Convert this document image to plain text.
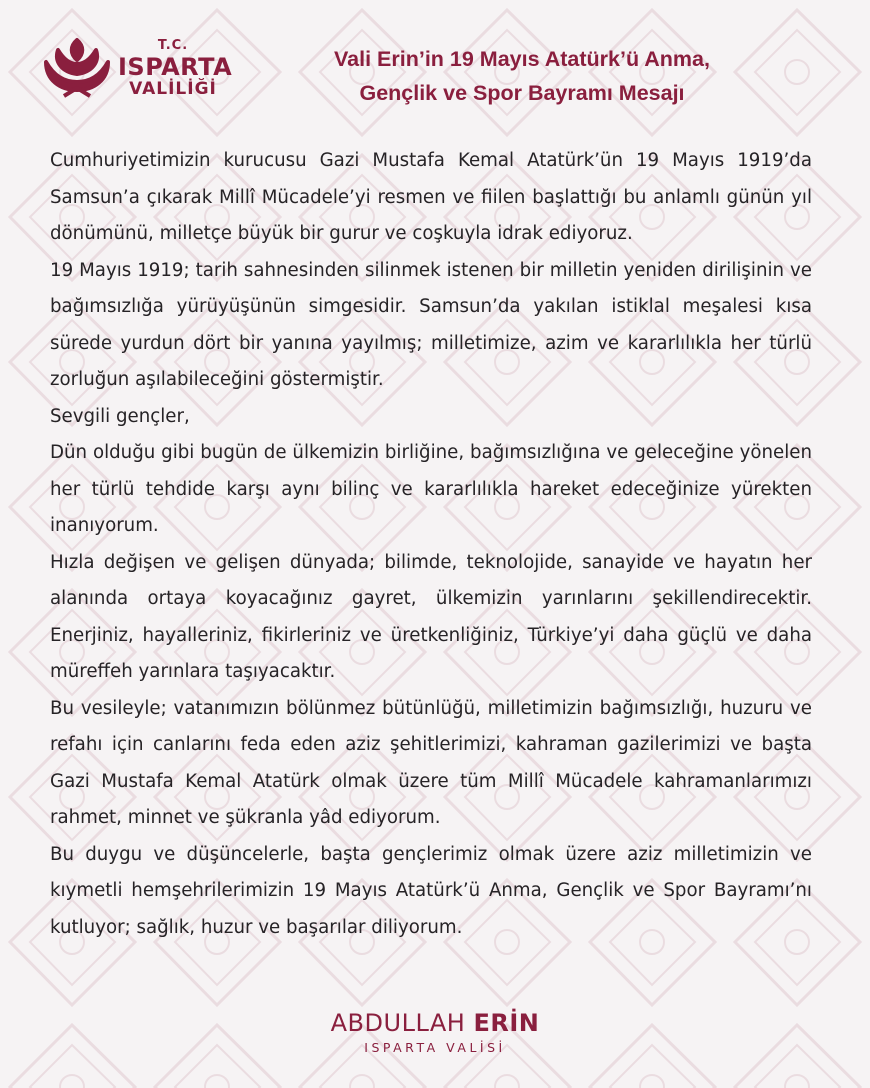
T.C.
ISPARTA
VALİLİĞİ
Vali Erin’in 19 Mayıs Atatürk’ü Anma,
Gençlik ve Spor Bayramı Mesajı

Cumhuriyetimizin kurucusu Gazi Mustafa Kemal Atatürk’ün 19 Mayıs 1919’da Samsun’a çıkarak Millî Mücadele’yi resmen ve fiilen başlattığı bu anlamlı günün yıl dönümünü, milletçe büyük bir gurur ve coşkuyla idrak ediyoruz.

19 Mayıs 1919; tarih sahnesinden silinmek istenen bir milletin yeniden dirilişinin ve bağımsızlığa yürüyüşünün simgesidir. Samsun’da yakılan istiklal meşalesi kısa sürede yurdun dört bir yanına yayılmış; milletimize, azim ve kararlılıkla her türlü zorluğun aşılabileceğini göstermiştir.

Sevgili gençler,

Dün olduğu gibi bugün de ülkemizin birliğine, bağımsızlığına ve geleceğine yönelen her türlü tehdide karşı aynı bilinç ve kararlılıkla hareket edeceğinize yürekten inanıyorum.

Hızla değişen ve gelişen dünyada; bilimde, teknolojide, sanayide ve hayatın her alanında ortaya koyacağınız gayret, ülkemizin yarınlarını şekillendirecektir. Enerjiniz, hayalleriniz, fikirleriniz ve üretkenliğiniz, Türkiye’yi daha güçlü ve daha müreffeh yarınlara taşıyacaktır.

Bu vesileyle; vatanımızın bölünmez bütünlüğü, milletimizin bağımsızlığı, huzuru ve refahı için canlarını feda eden aziz şehitlerimizi, kahraman gazilerimizi ve başta Gazi Mustafa Kemal Atatürk olmak üzere tüm Millî Mücadele kahramanlarımızı rahmet, minnet ve şükranla yâd ediyorum.

Bu duygu ve düşüncelerle, başta gençlerimiz olmak üzere aziz milletimizin ve kıymetli hemşehrilerimizin 19 Mayıs Atatürk’ü Anma, Gençlik ve Spor Bayramı’nı kutluyor; sağlık, huzur ve başarılar diliyorum.

ABDULLAH ERİN
ISPARTA VALİSİ
